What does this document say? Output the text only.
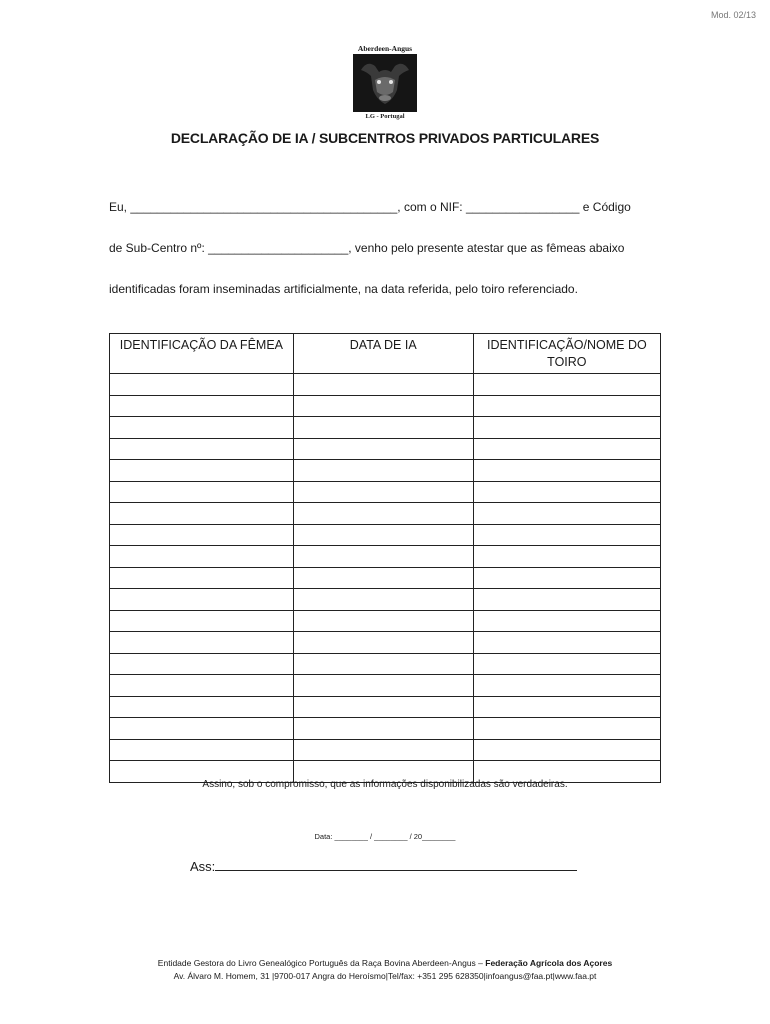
Mod. 02/13
Aberdeen-Angus
LG - Portugal
DECLARAÇÃO DE IA / SUBCENTROS PRIVADOS PARTICULARES
Eu, ________________________________________, com o NIF: _________________ e Código
de Sub-Centro nº: _____________________, venho pelo presente atestar que as fêmeas abaixo
identificadas foram inseminadas artificialmente, na data referida, pelo toiro referenciado.
IDENTIFICAÇÃO DA FÊMEA	DATA DE IA	IDENTIFICAÇÃO/NOME DO TOIRO

Assino, sob o compromisso, que as informações disponibilizadas são verdadeiras.
Data: ________ / ________ / 20________
Ass:
Entidade Gestora do Livro Genealógico Português da Raça Bovina Aberdeen-Angus – Federação Agrícola dos Açores
Av. Álvaro M. Homem, 31 |9700-017 Angra do Heroísmo|Tel/fax: +351 295 628350|infoangus@faa.pt|www.faa.pt
